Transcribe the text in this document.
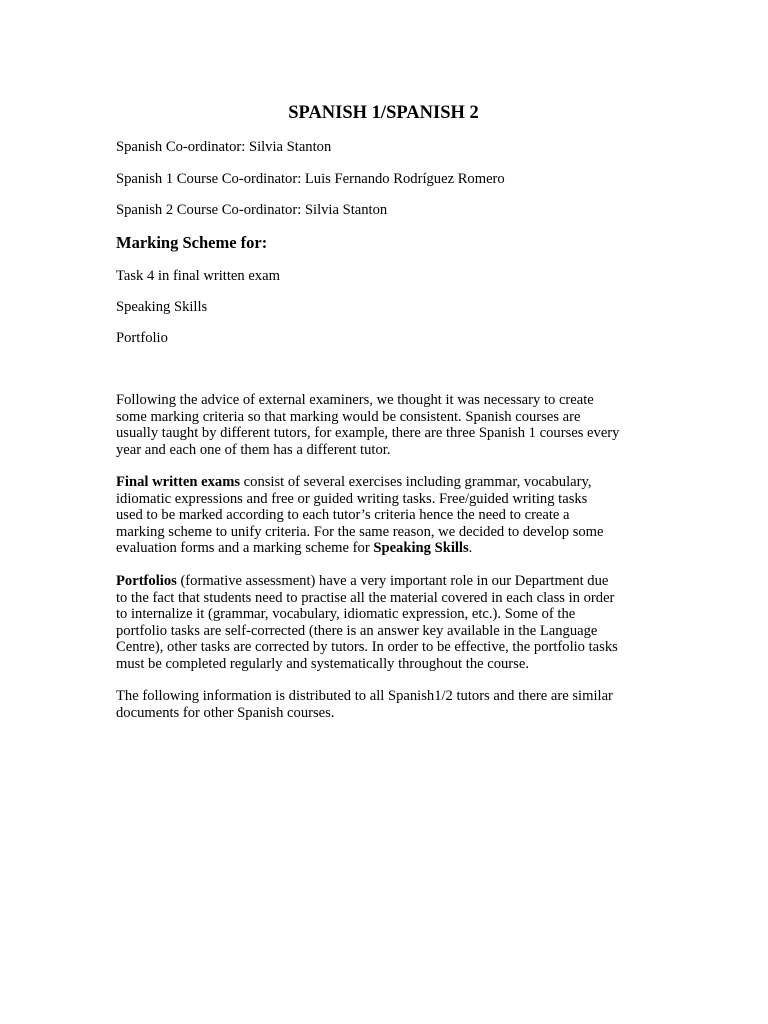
SPANISH 1/SPANISH 2

Spanish Co-ordinator: Silvia Stanton

Spanish 1 Course Co-ordinator: Luis Fernando Rodríguez Romero

Spanish 2 Course Co-ordinator: Silvia Stanton

Marking Scheme for:

Task 4 in final written exam

Speaking Skills

Portfolio

Following the advice of external examiners, we thought it was necessary to create
some marking criteria so that marking would be consistent. Spanish courses are
usually taught by different tutors, for example, there are three Spanish 1 courses every
year and each one of them has a different tutor.
Final written exams consist of several exercises including grammar, vocabulary,
idiomatic expressions and free or guided writing tasks. Free/guided writing tasks
used to be marked according to each tutor’s criteria hence the need to create a
marking scheme to unify criteria. For the same reason, we decided to develop some
evaluation forms and a marking scheme for Speaking Skills.
Portfolios (formative assessment) have a very important role in our Department due
to the fact that students need to practise all the material covered in each class in order
to internalize it (grammar, vocabulary, idiomatic expression, etc.). Some of the
portfolio tasks are self-corrected (there is an answer key available in the Language
Centre), other tasks are corrected by tutors. In order to be effective, the portfolio tasks
must be completed regularly and systematically throughout the course.
The following information is distributed to all Spanish1/2 tutors and there are similar
documents for other Spanish courses.
